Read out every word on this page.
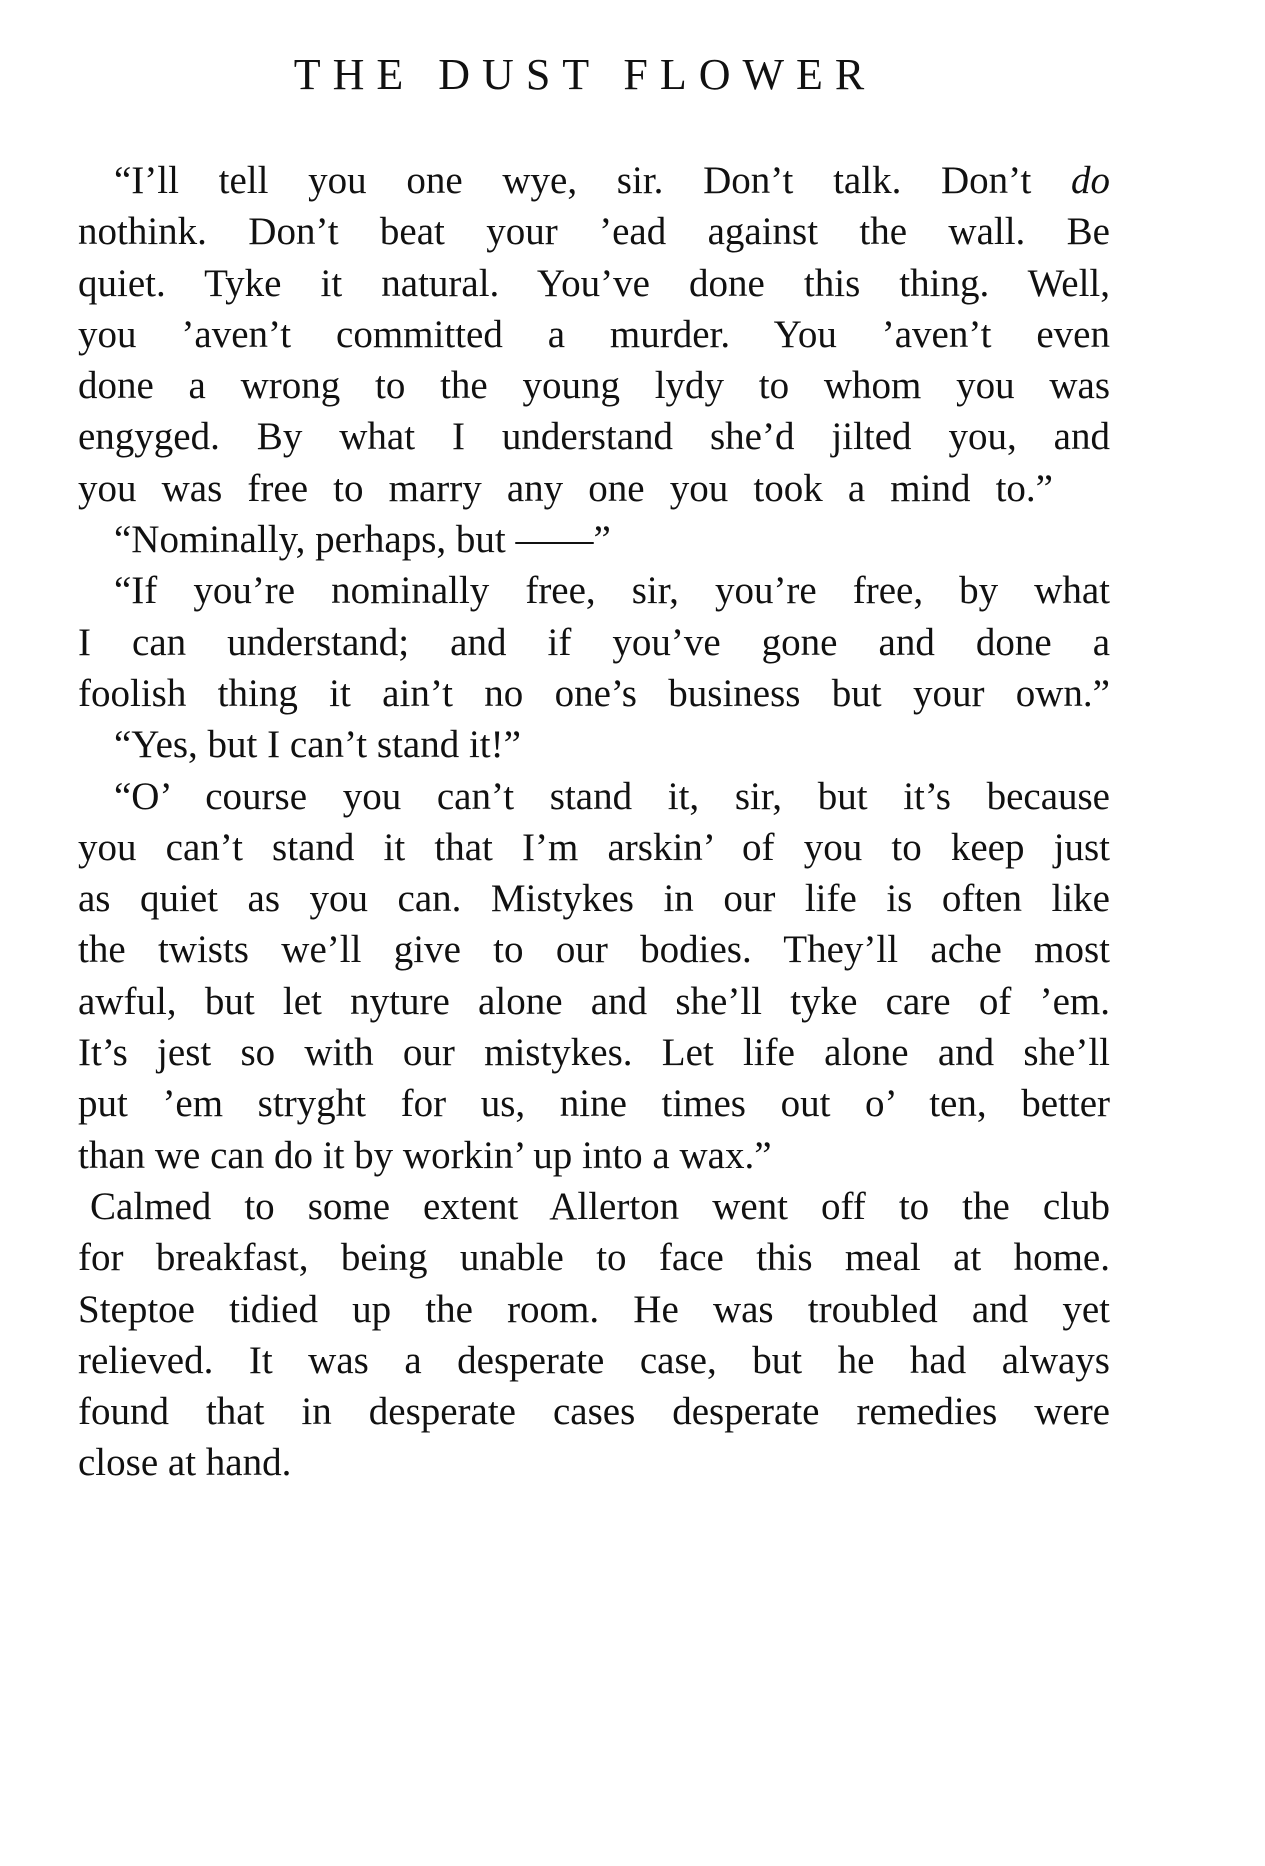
THE DUST FLOWER
“I’ll tell you one wye, sir. Don’t talk. Don’t do
nothink. Don’t beat your ’ead against the wall. Be
quiet. Tyke it natural. You’ve done this thing. Well,
you ’aven’t committed a murder. You ’aven’t even
done a wrong to the young lydy to whom you was
engyged. By what I understand she’d jilted you, and
you was free to marry any one you took a mind to.”
“Nominally, perhaps, but ——”
“If you’re nominally free, sir, you’re free, by what
I can understand; and if you’ve gone and done a
foolish thing it ain’t no one’s business but your own.”
“Yes, but I can’t stand it!”
“O’ course you can’t stand it, sir, but it’s because
you can’t stand it that I’m arskin’ of you to keep just
as quiet as you can. Mistykes in our life is often like
the twists we’ll give to our bodies. They’ll ache most
awful, but let nyture alone and she’ll tyke care of ’em.
It’s jest so with our mistykes. Let life alone and she’ll
put ’em stryght for us, nine times out o’ ten, better
than we can do it by workin’ up into a wax.”
Calmed to some extent Allerton went off to the club
for breakfast, being unable to face this meal at home.
Steptoe tidied up the room. He was troubled and yet
relieved. It was a desperate case, but he had always
found that in desperate cases desperate remedies were
close at hand.
